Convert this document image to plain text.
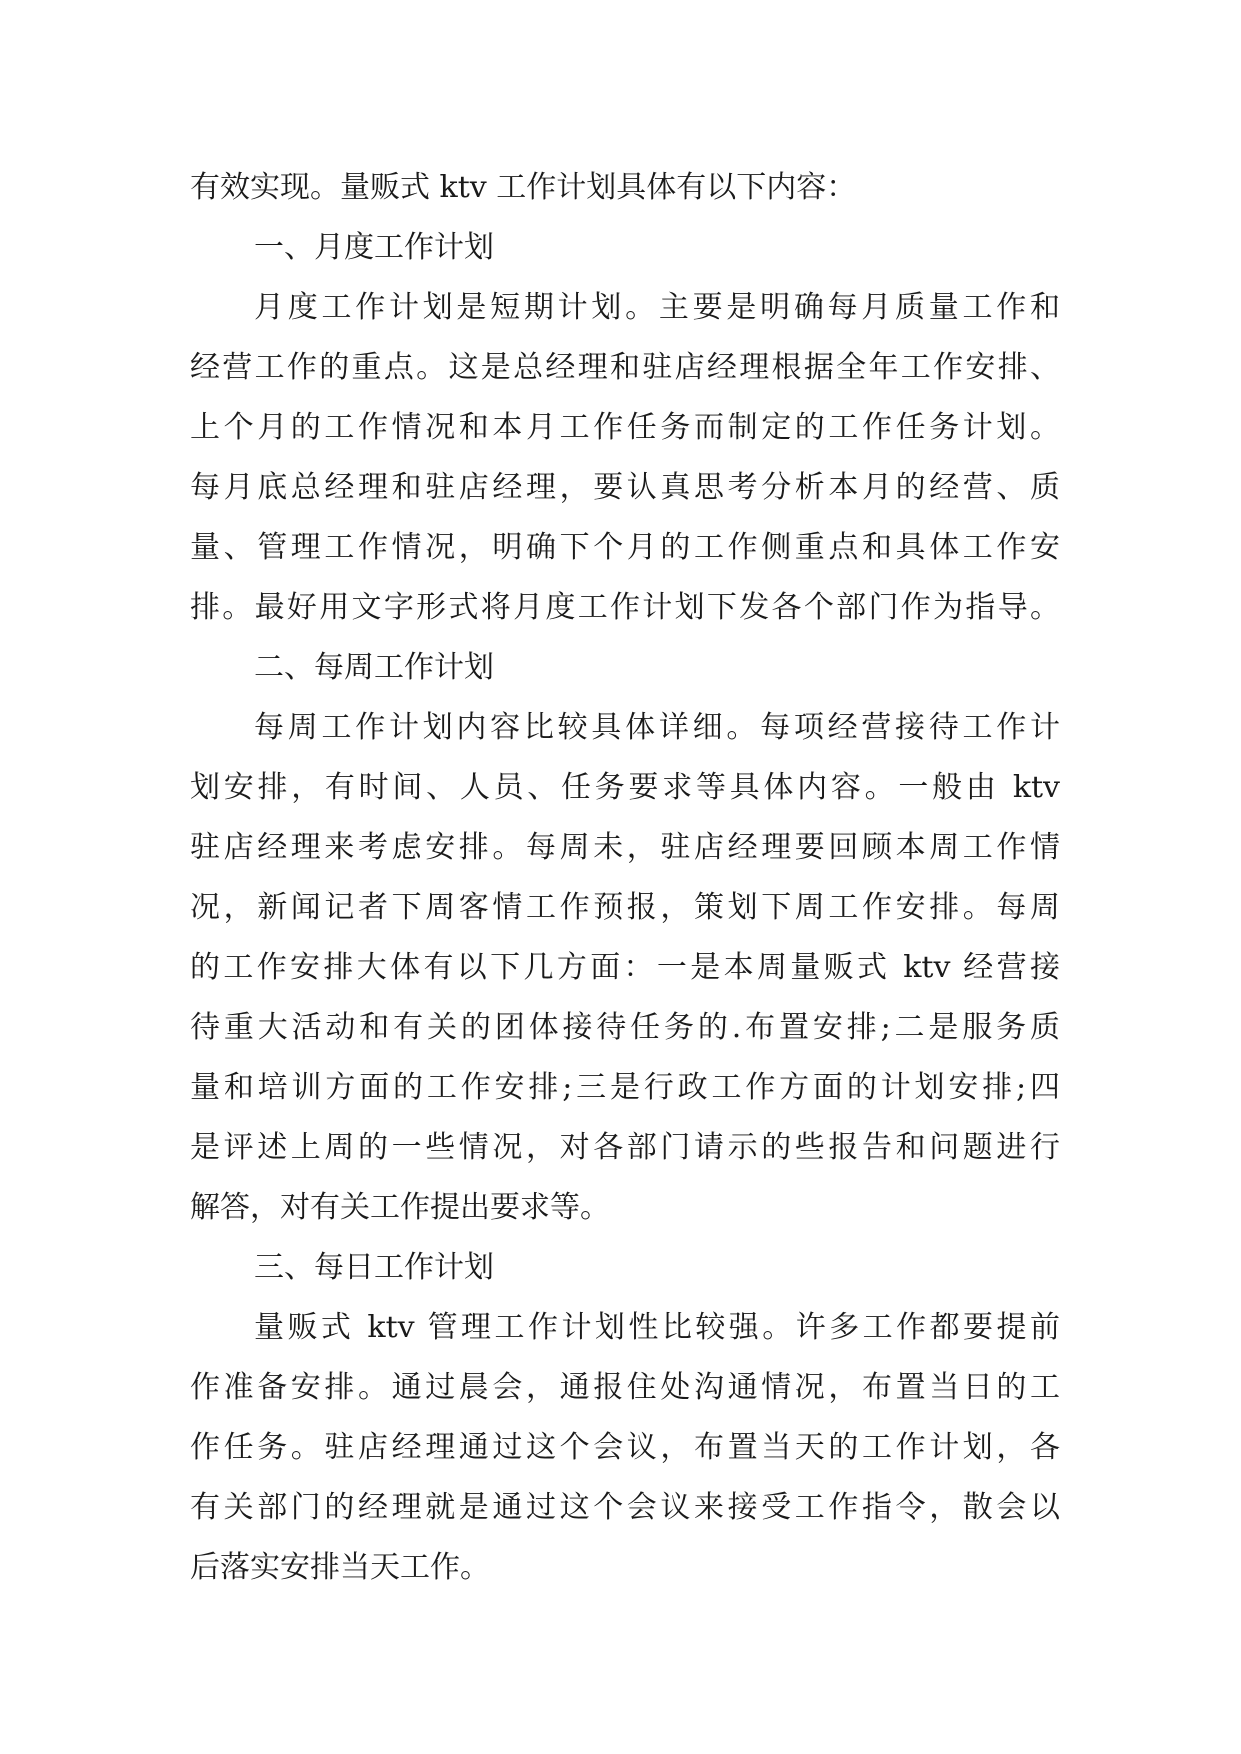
有效实现。量贩式 ktv 工作计划具体有以下内容：
一、月度工作计划
月度工作计划是短期计划。主要是明确每月质量工作和
经营工作的重点。这是总经理和驻店经理根据全年工作安排、
上个月的工作情况和本月工作任务而制定的工作任务计划。
每月底总经理和驻店经理，要认真思考分析本月的经营、质
量、管理工作情况，明确下个月的工作侧重点和具体工作安
排。最好用文字形式将月度工作计划下发各个部门作为指导。
二、每周工作计划
每周工作计划内容比较具体详细。每项经营接待工作计
划安排，有时间、人员、任务要求等具体内容。一般由 ktv
驻店经理来考虑安排。每周未，驻店经理要回顾本周工作情
况，新闻记者下周客情工作预报，策划下周工作安排。每周
的工作安排大体有以下几方面：一是本周量贩式 ktv 经营接
待重大活动和有关的团体接待任务的.布置安排;二是服务质
量和培训方面的工作安排;三是行政工作方面的计划安排;四
是评述上周的一些情况，对各部门请示的些报告和问题进行
解答，对有关工作提出要求等。
三、每日工作计划
量贩式 ktv 管理工作计划性比较强。许多工作都要提前
作准备安排。通过晨会，通报住处沟通情况，布置当日的工
作任务。驻店经理通过这个会议，布置当天的工作计划，各
有关部门的经理就是通过这个会议来接受工作指令，散会以
后落实安排当天工作。
